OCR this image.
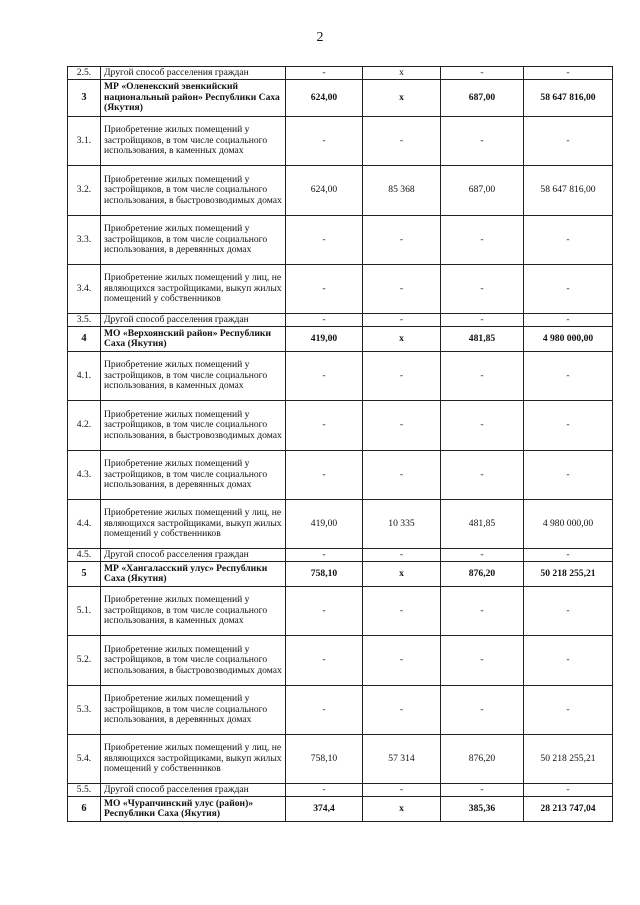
2
2.5.	Другой способ расселения граждан	-	х	-	-
3	МР «Оленекский эвенкийский национальный район» Республики Саха (Якутия)	624,00	х	687,00	58 647 816,00
3.1.	Приобретение жилых помещений у застройщиков, в том числе социального использования, в каменных домах	-	-	-	-
3.2.	Приобретение жилых помещений у застройщиков, в том числе социального использования, в быстровозводимых домах	624,00	85 368	687,00	58 647 816,00
3.3.	Приобретение жилых помещений у застройщиков, в том числе социального использования, в деревянных домах	-	-	-	-
3.4.	Приобретение жилых помещений у лиц, не являющихся застройщиками, выкуп жилых помещений у собственников	-	-	-	-
3.5.	Другой способ расселения граждан	-	-	-	-
4	МО «Верхоянский район» Республики Саха (Якутия)	419,00	х	481,85	4 980 000,00
4.1.	Приобретение жилых помещений у застройщиков, в том числе социального использования, в каменных домах	-	-	-	-
4.2.	Приобретение жилых помещений у застройщиков, в том числе социального использования, в быстровозводимых домах	-	-	-	-
4.3.	Приобретение жилых помещений у застройщиков, в том числе социального использования, в деревянных домах	-	-	-	-
4.4.	Приобретение жилых помещений у лиц, не являющихся застройщиками, выкуп жилых помещений у собственников	419,00	10 335	481,85	4 980 000,00
4.5.	Другой способ расселения граждан	-	-	-	-
5	МР «Хангаласский улус» Республики Саха (Якутия)	758,10	х	876,20	50 218 255,21
5.1.	Приобретение жилых помещений у застройщиков, в том числе социального использования, в каменных домах	-	-	-	-
5.2.	Приобретение жилых помещений у застройщиков, в том числе социального использования, в быстровозводимых домах	-	-	-	-
5.3.	Приобретение жилых помещений у застройщиков, в том числе социального использования, в деревянных домах	-	-	-	-
5.4.	Приобретение жилых помещений у лиц, не являющихся застройщиками, выкуп жилых помещений у собственников	758,10	57 314	876,20	50 218 255,21
5.5.	Другой способ расселения граждан	-	-	-	-
6	МО «Чурапчинский улус (район)» Республики Саха (Якутия)	374,4	х	385,36	28 213 747,04
